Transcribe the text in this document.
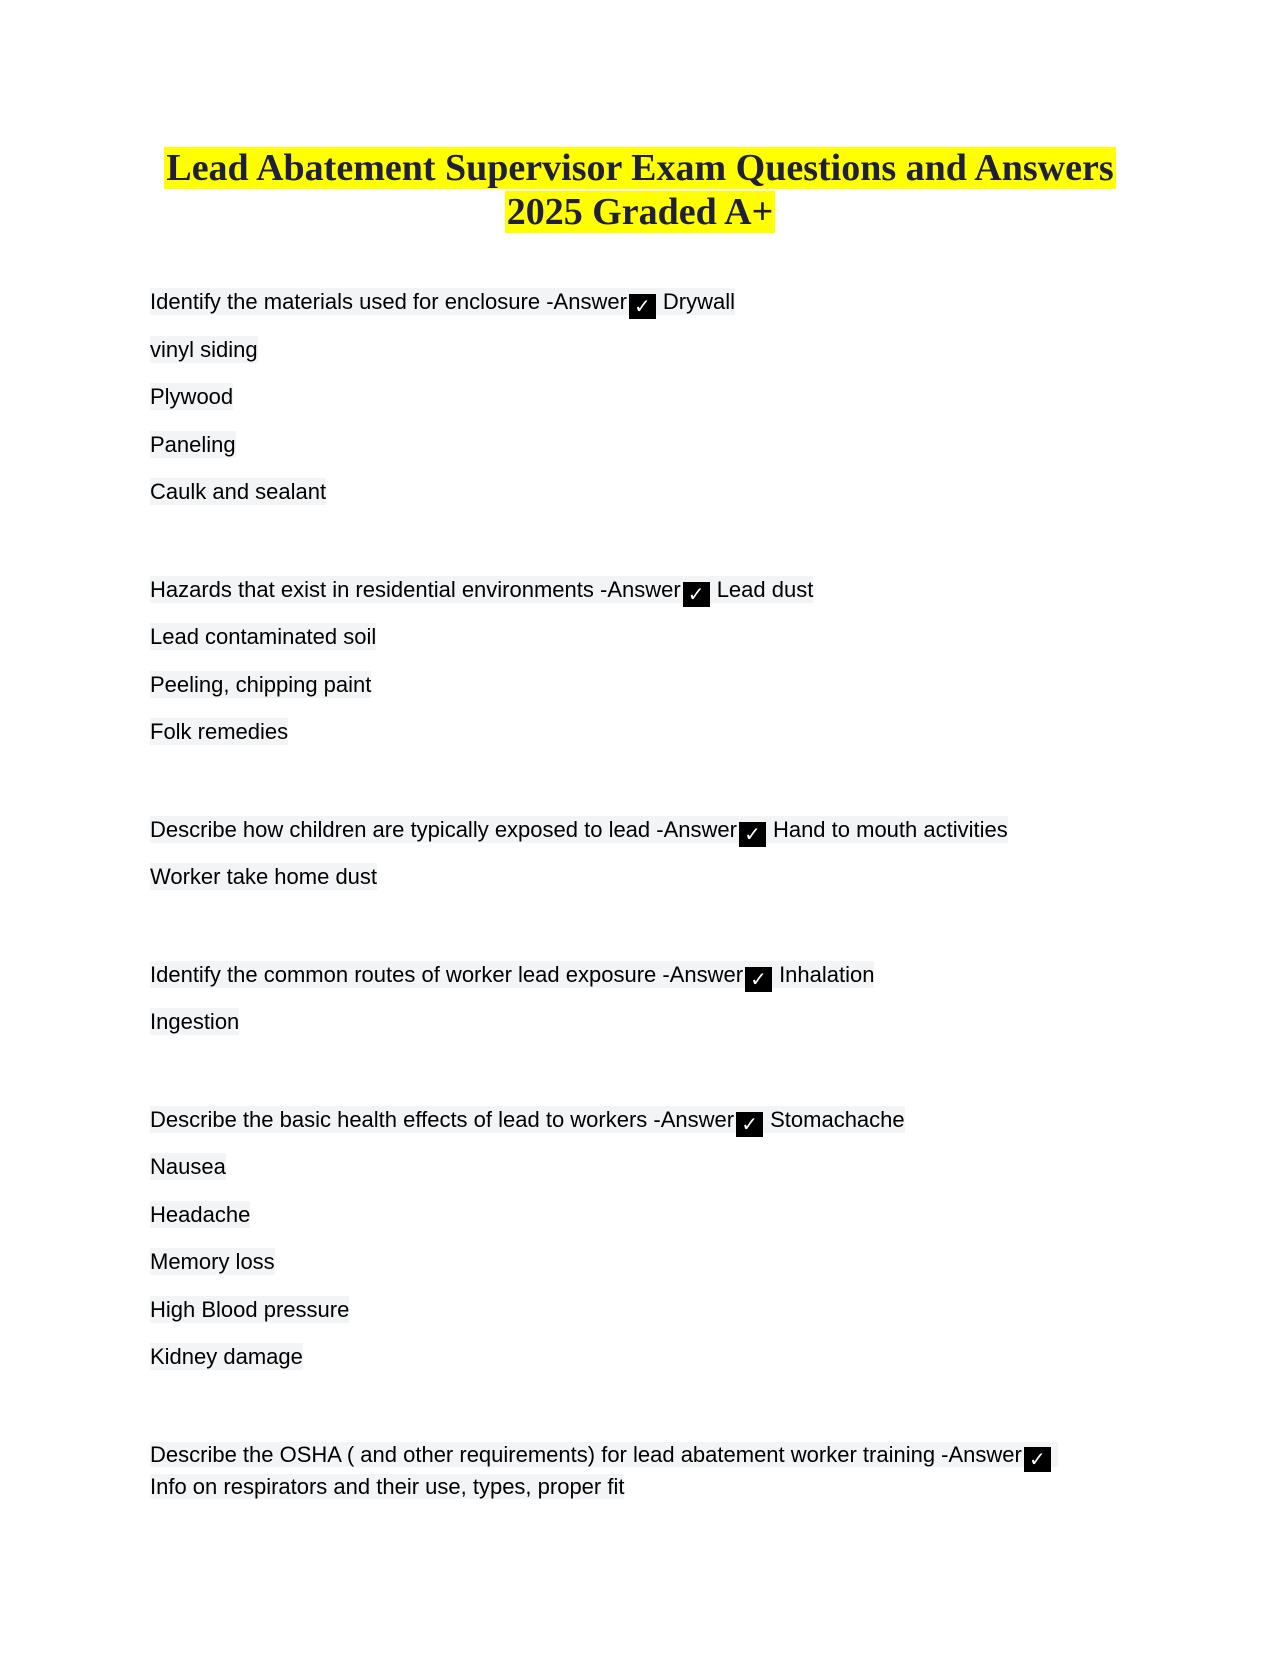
Lead Abatement Supervisor Exam Questions and Answers 2025 Graded A+
Identify the materials used for enclosure -Answer ✓ Drywall
vinyl siding
Plywood
Paneling
Caulk and sealant
Hazards that exist in residential environments -Answer ✓ Lead dust
Lead contaminated soil
Peeling, chipping paint
Folk remedies
Describe how children are typically exposed to lead -Answer ✓ Hand to mouth activities
Worker take home dust
Identify the common routes of worker lead exposure -Answer ✓ Inhalation
Ingestion
Describe the basic health effects of lead to workers -Answer ✓ Stomachache
Nausea
Headache
Memory loss
High Blood pressure
Kidney damage
Describe the OSHA ( and other requirements) for lead abatement worker training -Answer ✓
Info on respirators and their use, types, proper fit
